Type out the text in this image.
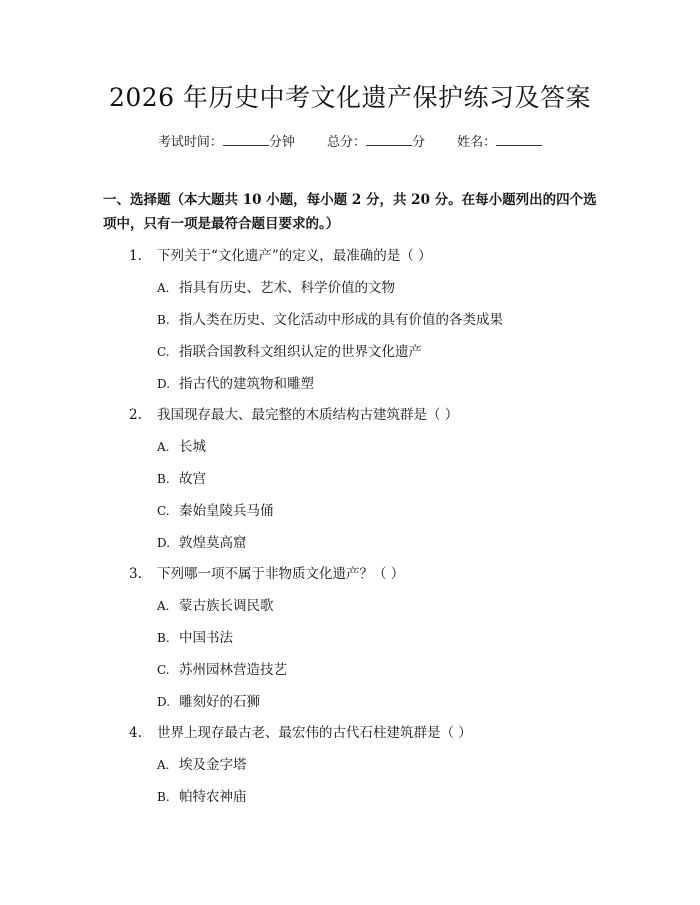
2026 年历史中考文化遗产保护练习及答案
考试时间：	分钟 总分：	分 姓名：
一、选择题（本大题共 10 小题，每小题 2 分，共 20 分。在每小题列出的四个选
项中，只有一项是最符合题目要求的。）
1. 下列关于“文化遗产”的定义，最准确的是（ ）
A. 指具有历史、艺术、科学价值的文物
B. 指人类在历史、文化活动中形成的具有价值的各类成果
C. 指联合国教科文组织认定的世界文化遗产
D. 指古代的建筑物和雕塑
2. 我国现存最大、最完整的木质结构古建筑群是（ ）
A. 长城
B. 故宫
C. 秦始皇陵兵马俑
D. 敦煌莫高窟
3. 下列哪一项不属于非物质文化遗产？（ ）
A. 蒙古族长调民歌
B. 中国书法
C. 苏州园林营造技艺
D. 雕刻好的石狮
4. 世界上现存最古老、最宏伟的古代石柱建筑群是（ ）
A. 埃及金字塔
B. 帕特农神庙
